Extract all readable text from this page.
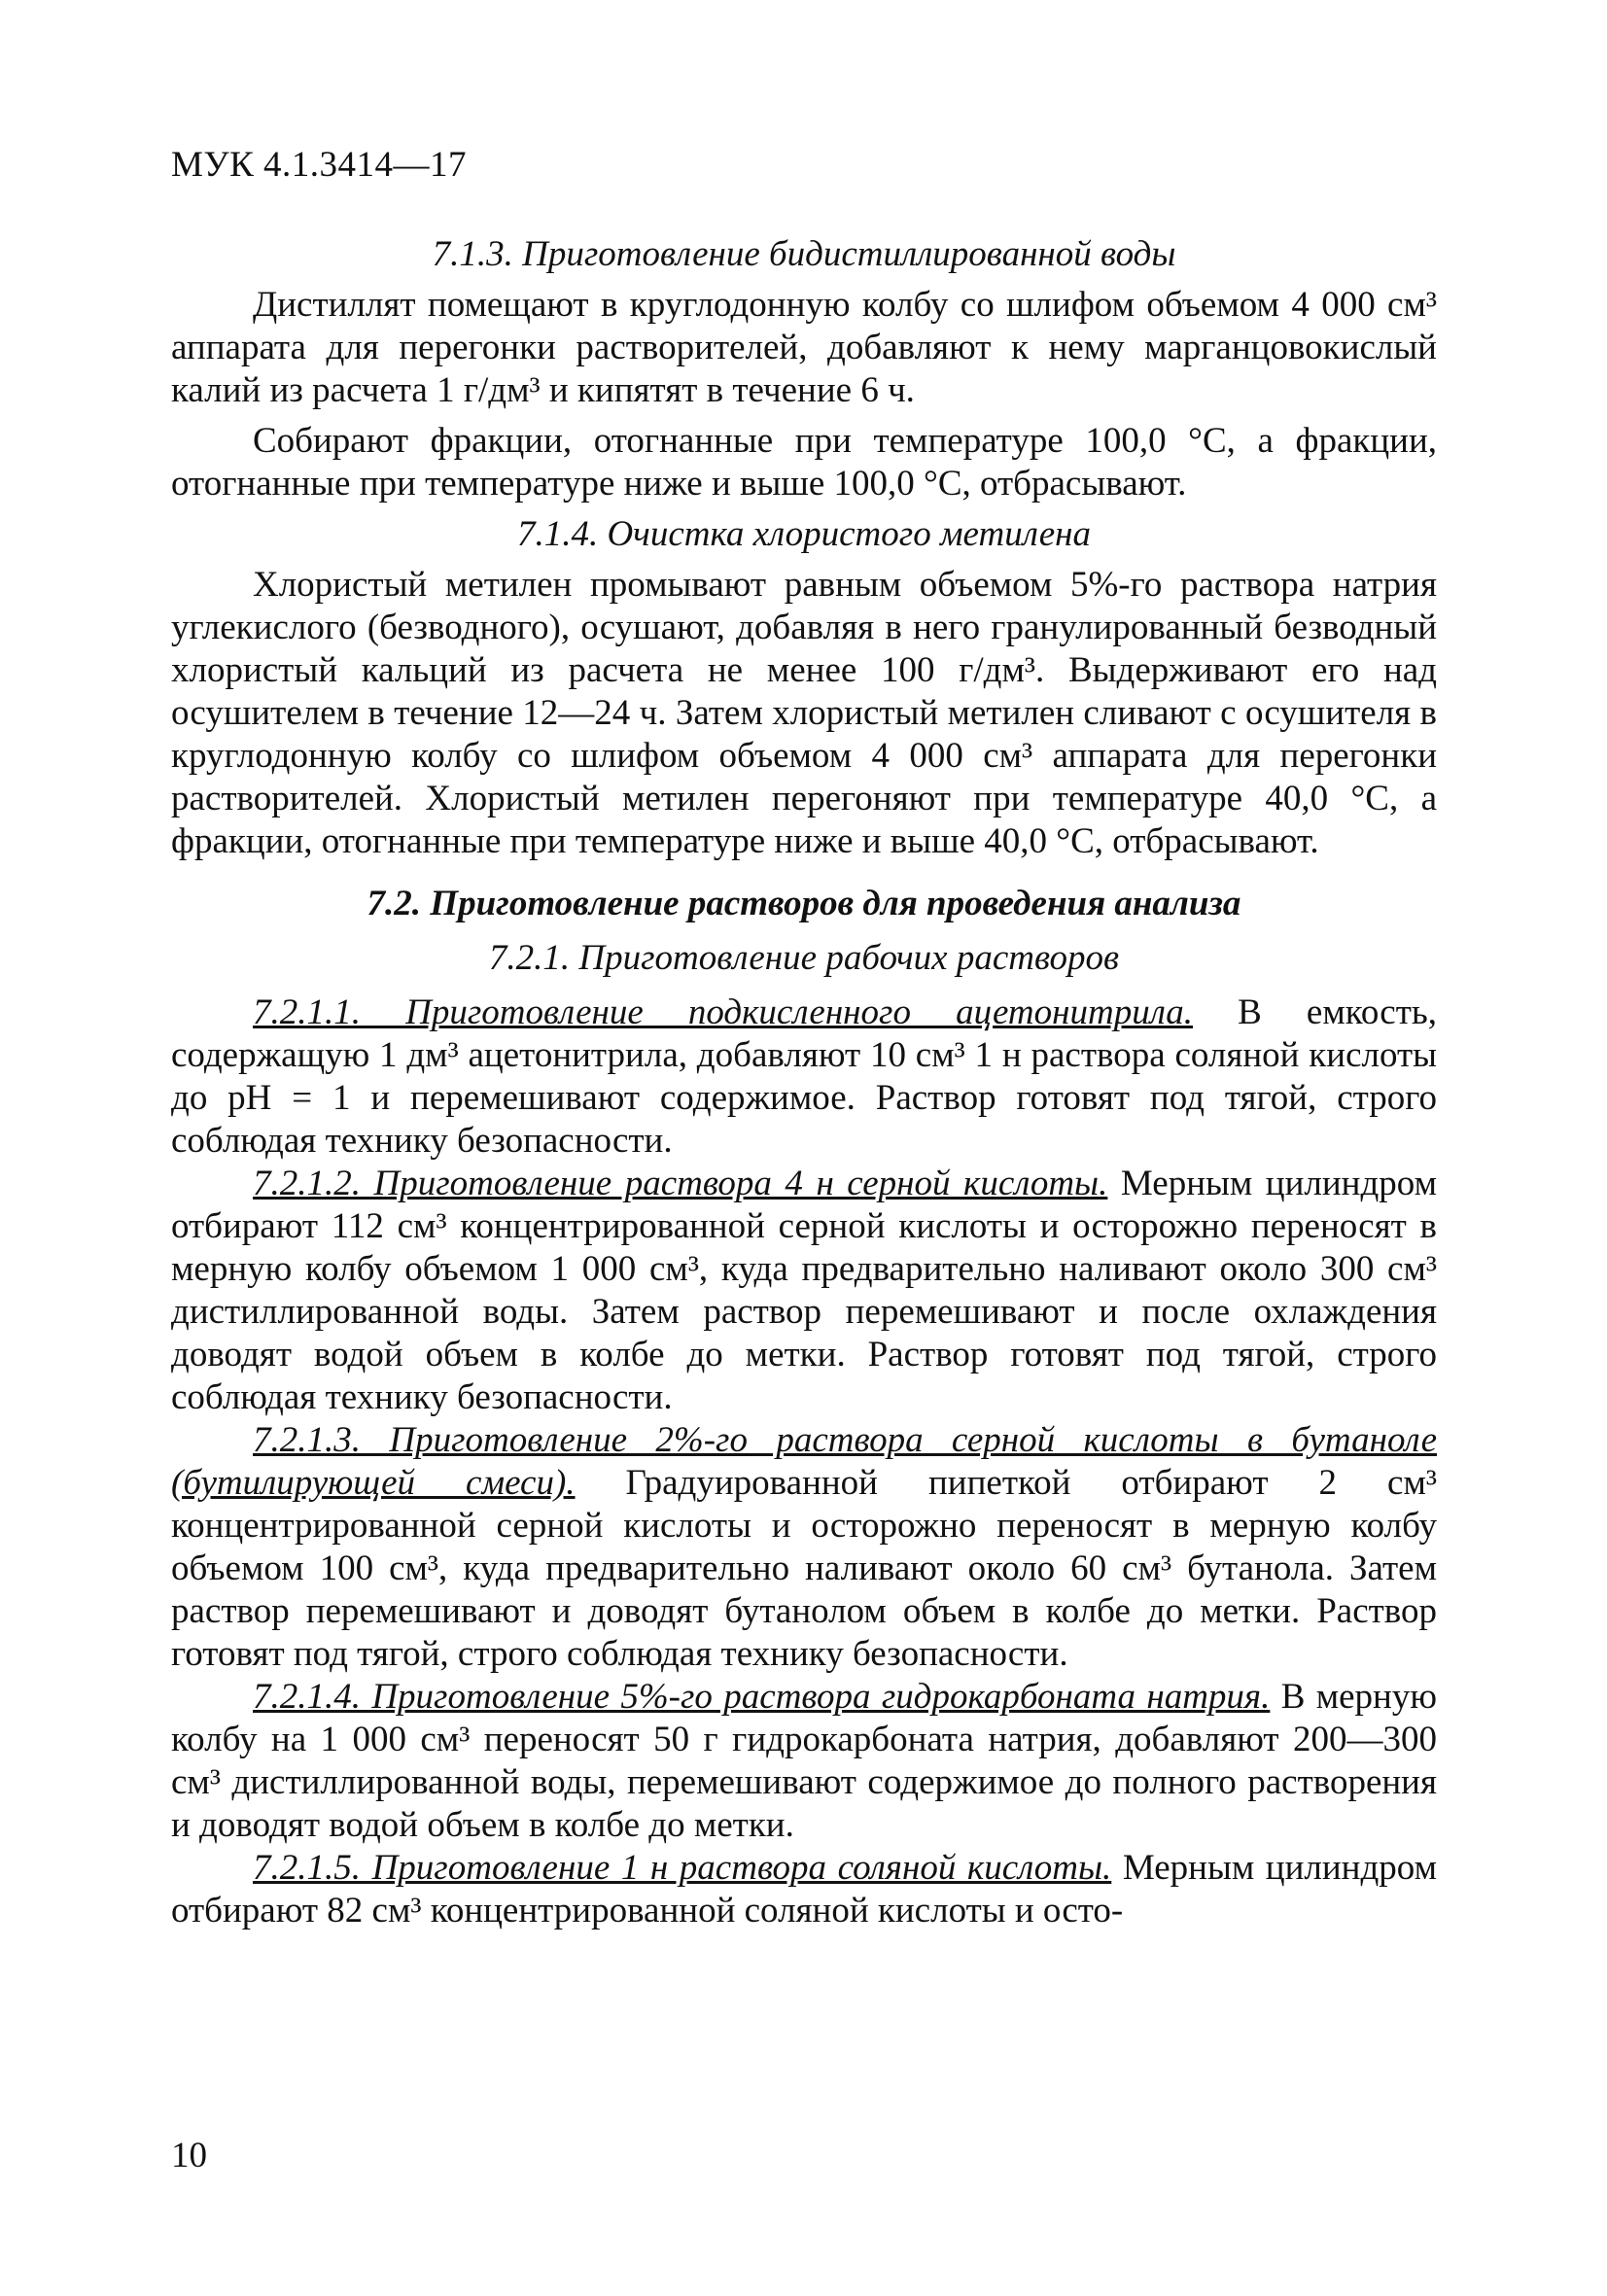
МУК 4.1.3414—17
7.1.3. Приготовление бидистиллированной воды

Дистиллят помещают в круглодонную колбу со шлифом объемом 4 000 см³ аппарата для перегонки растворителей, добавляют к нему марганцовокислый калий из расчета 1 г/дм³ и кипятят в течение 6 ч.

Собирают фракции, отогнанные при температуре 100,0 °С, а фракции, отогнанные при температуре ниже и выше 100,0 °С, отбрасывают.

7.1.4. Очистка хлористого метилена

Хлористый метилен промывают равным объемом 5%-го раствора натрия углекислого (безводного), осушают, добавляя в него гранулированный безводный хлористый кальций из расчета не менее 100 г/дм³. Выдерживают его над осушителем в течение 12—24 ч. Затем хлористый метилен сливают с осушителя в круглодонную колбу со шлифом объемом 4 000 см³ аппарата для перегонки растворителей. Хлористый метилен перегоняют при температуре 40,0 °С, а фракции, отогнанные при температуре ниже и выше 40,0 °С, отбрасывают.

7.2. Приготовление растворов для проведения анализа
7.2.1. Приготовление рабочих растворов

7.2.1.1. Приготовление подкисленного ацетонитрила. В емкость, содержащую 1 дм³ ацетонитрила, добавляют 10 см³ 1 н раствора соляной кислоты до рН = 1 и перемешивают содержимое. Раствор готовят под тягой, строго соблюдая технику безопасности.

7.2.1.2. Приготовление раствора 4 н серной кислоты. Мерным цилиндром отбирают 112 см³ концентрированной серной кислоты и осторожно переносят в мерную колбу объемом 1 000 см³, куда предварительно наливают около 300 см³ дистиллированной воды. Затем раствор перемешивают и после охлаждения доводят водой объем в колбе до метки. Раствор готовят под тягой, строго соблюдая технику безопасности.

7.2.1.3. Приготовление 2%-го раствора серной кислоты в бутаноле (бутилирующей смеси). Градуированной пипеткой отбирают 2 см³ концентрированной серной кислоты и осторожно переносят в мерную колбу объемом 100 см³, куда предварительно наливают около 60 см³ бутанола. Затем раствор перемешивают и доводят бутанолом объем в колбе до метки. Раствор готовят под тягой, строго соблюдая технику безопасности.

7.2.1.4. Приготовление 5%-го раствора гидрокарбоната натрия. В мерную колбу на 1 000 см³ переносят 50 г гидрокарбоната натрия, добавляют 200—300 см³ дистиллированной воды, перемешивают содержимое до полного растворения и доводят водой объем в колбе до метки.

7.2.1.5. Приготовление 1 н раствора соляной кислоты. Мерным цилиндром отбирают 82 см³ концентрированной соляной кислоты и осто-

10
